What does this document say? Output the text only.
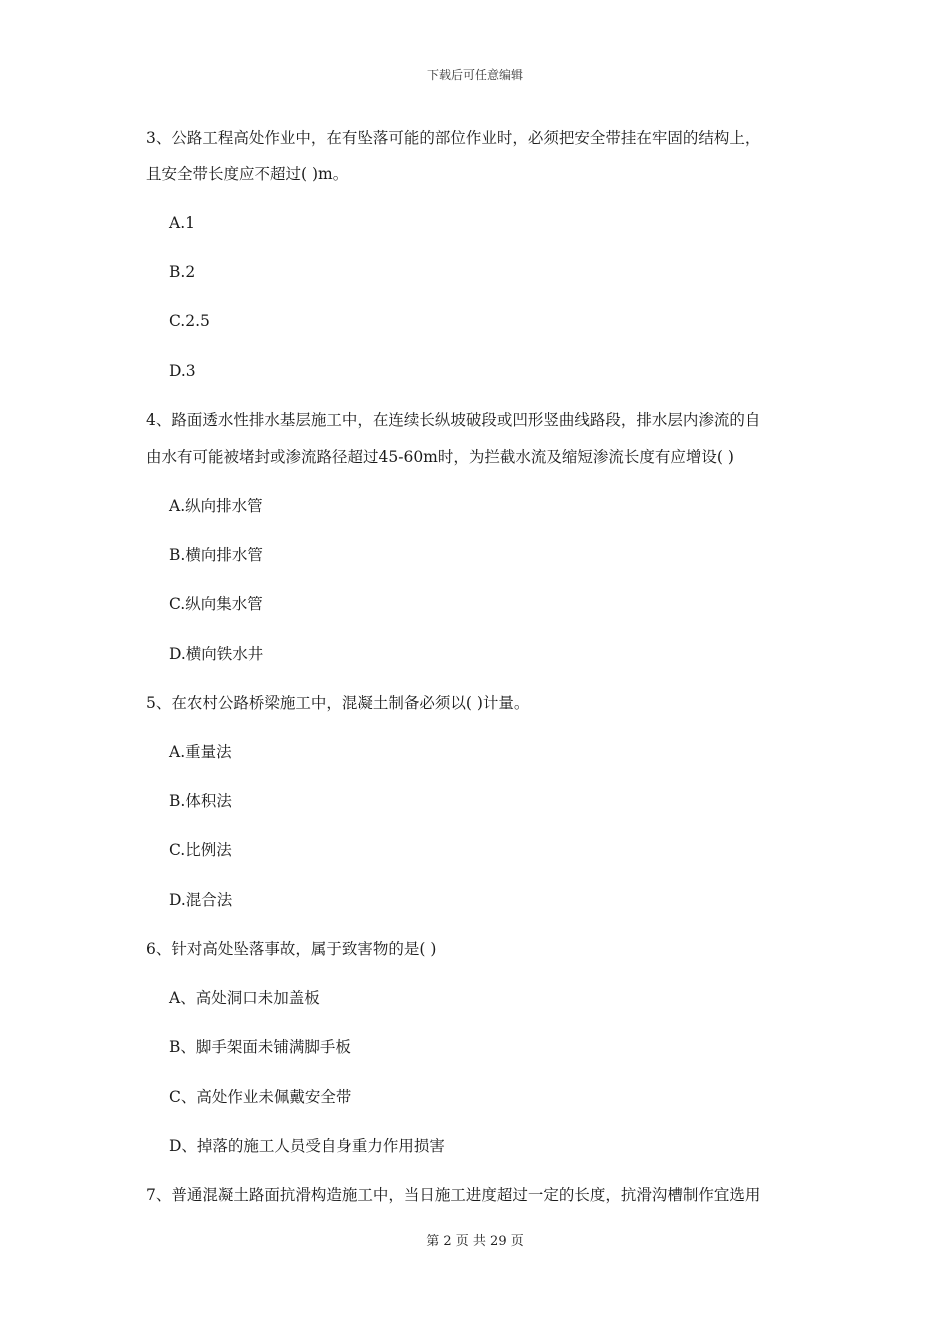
下载后可任意编辑
3、公路工程高处作业中，在有坠落可能的部位作业时，必须把安全带挂在牢固的结构上，
且安全带长度应不超过( )m。
A.1
B.2
C.2.5
D.3
4、路面透水性排水基层施工中，在连续长纵坡破段或凹形竖曲线路段，排水层内渗流的自
由水有可能被堵封或渗流路径超过45-60m时，为拦截水流及缩短渗流长度有应增设( )
A.纵向排水管
B.横向排水管
C.纵向集水管
D.横向铁水井
5、在农村公路桥梁施工中，混凝土制备必须以( )计量。
A.重量法
B.体积法
C.比例法
D.混合法
6、针对高处坠落事故，属于致害物的是( )
A、高处洞口未加盖板
B、脚手架面未铺满脚手板
C、高处作业未佩戴安全带
D、掉落的施工人员受自身重力作用损害
7、普通混凝土路面抗滑构造施工中，当日施工进度超过一定的长度，抗滑沟槽制作宜选用
第 2 页 共 29 页
